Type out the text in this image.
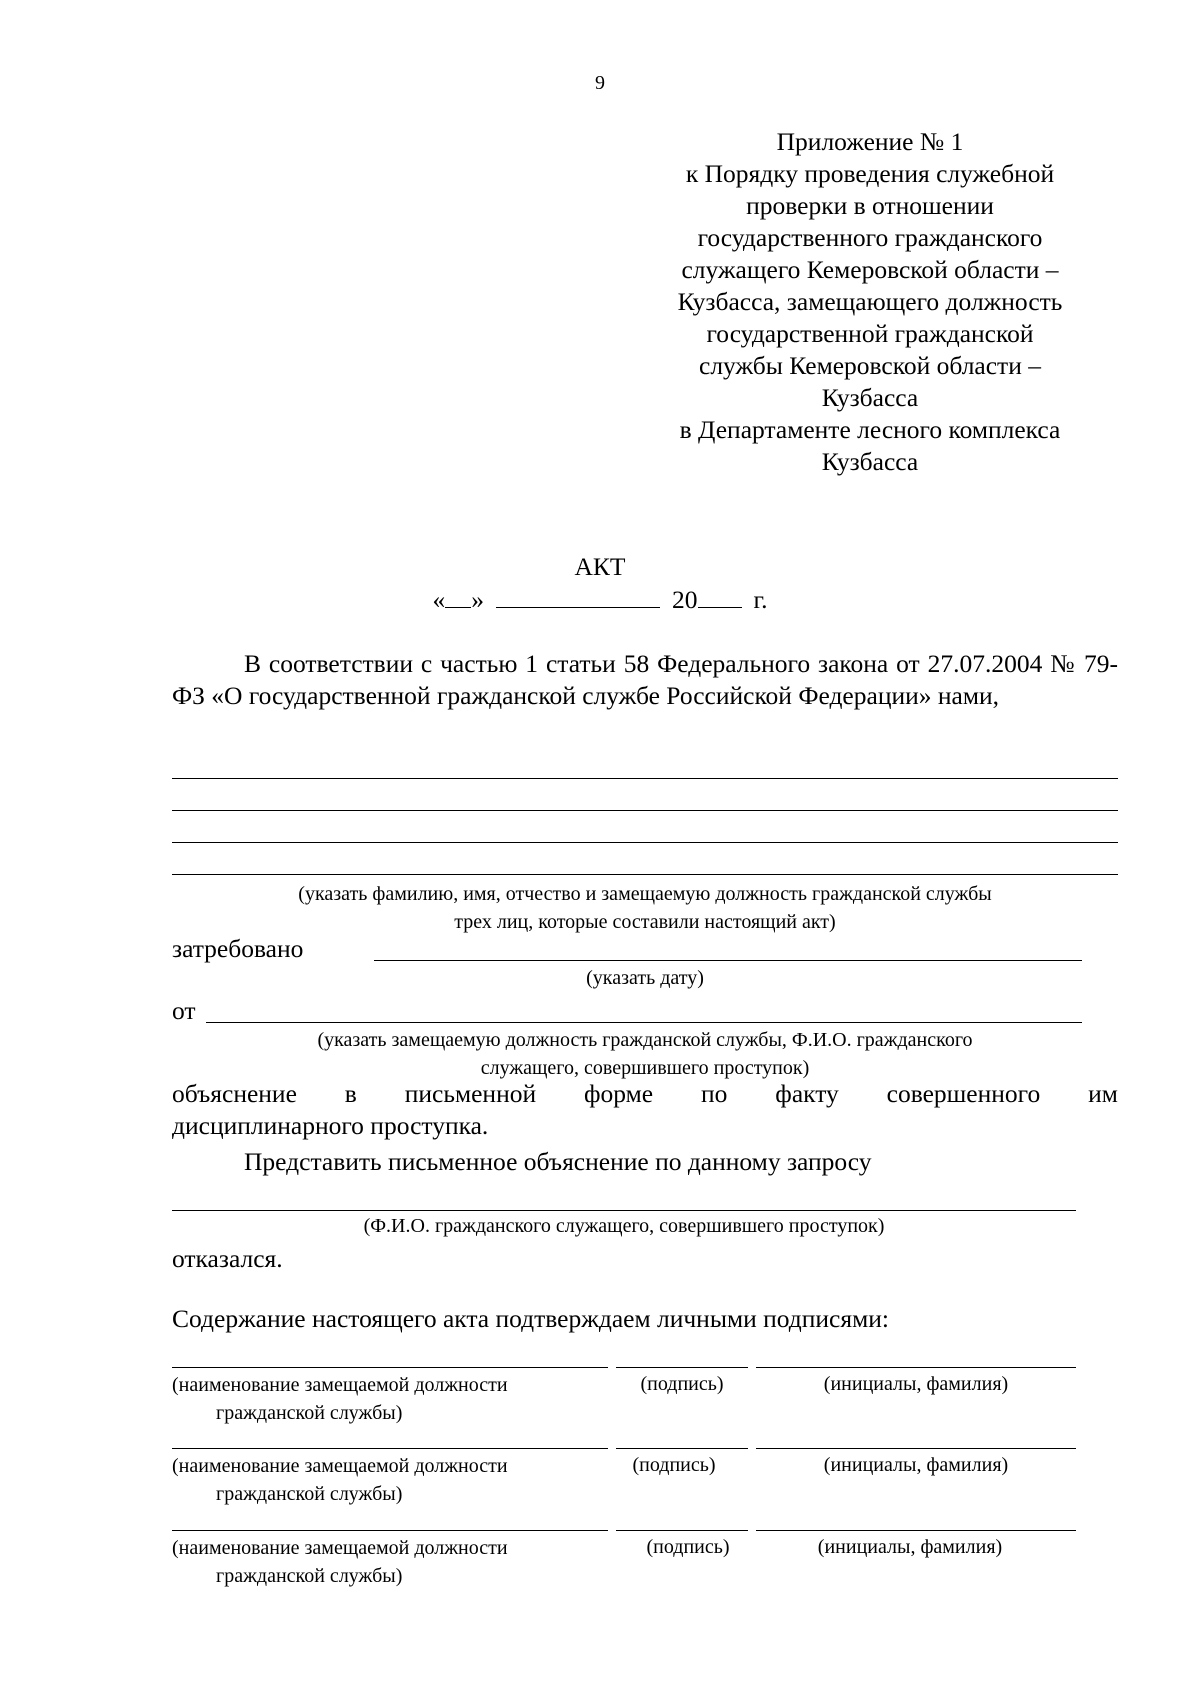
9
Приложение № 1
к Порядку проведения служебной
проверки в отношении
государственного гражданского
служащего Кемеровской области –
Кузбасса, замещающего должность
государственной гражданской
службы Кемеровской области –
Кузбасса
в Департаменте лесного комплекса
Кузбасса
АКТ
« »	20 г.
В соответствии с частью 1 статьи 58 Федерального закона от 27.07.2004 № 79-ФЗ «О государственной гражданской службе Российской Федерации» нами,
(указать фамилию, имя, отчество и замещаемую должность гражданской службы
трех лиц, которые составили настоящий акт)
затребовано
(указать дату)
от
(указать замещаемую должность гражданской службы, Ф.И.О. гражданского
служащего, совершившего проступок)
объяснение в письменной форме по факту совершенного им
дисциплинарного проступка.
Представить письменное объяснение по данному запросу
(Ф.И.О. гражданского служащего, совершившего проступок)
отказался.
Содержание настоящего акта подтверждаем личными подписями:
(наименование замещаемой должности
гражданской службы)
(подпись)	(инициалы, фамилия)
(наименование замещаемой должности
гражданской службы)
(подпись)	(инициалы, фамилия)
(наименование замещаемой должности
гражданской службы)
(подпись)	(инициалы, фамилия)
